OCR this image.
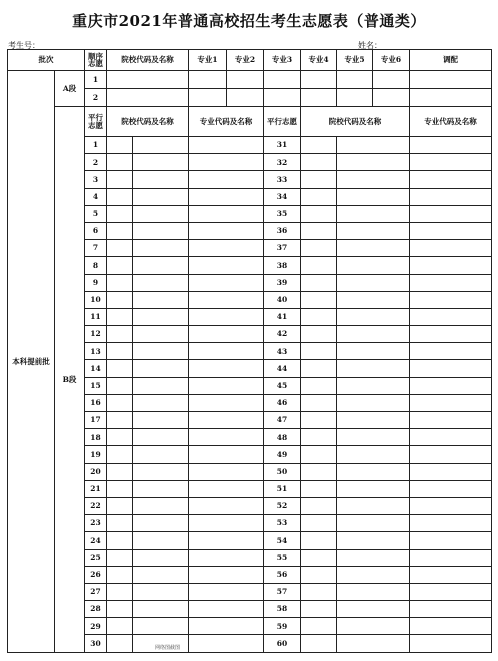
重庆市2021年普通高校招生考生志愿表（普通类）
考生号：	姓名：
批次		顺序志愿	院校代码及名称		专业1	专业2	专业3	专业4	专业5	专业6	调配
本科提前批	A段	1									
		2									
	B段	平行志愿	院校代码及名称		专业代码及名称		平行志愿	院校代码及名称			专业代码及名称
		1					31				
		2					32				
		3					33				
		4					34				
		5					35				
		6					36				
		7					37				
		8					38				
		9					39				
		10					40				
		11					41				
		12					42				
		13					43				
		14					44				
		15					45				
		16					46				
		17					47				
		18					48				
		19					49				
		20					50				
		21					51				
		22					52				
		23					53				
		24					54				
		25					55				
		26					56				
		27					57				
		28					58				
		29					59				
		30					60				
网络图截图
